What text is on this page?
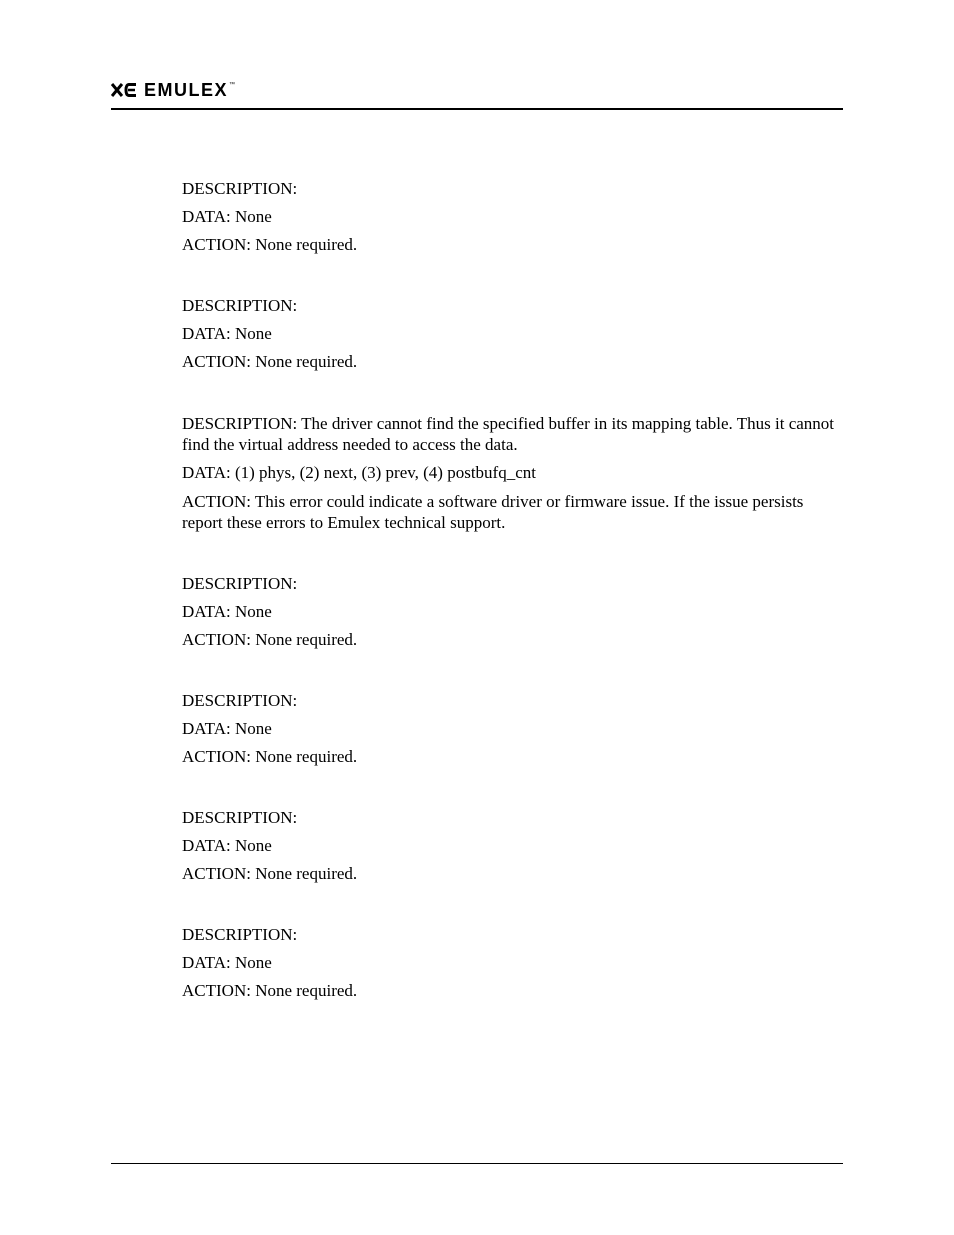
EMULEX ™
DESCRIPTION:
DATA: None
ACTION: None required.
DESCRIPTION:
DATA: None
ACTION: None required.
DESCRIPTION: The driver cannot find the specified buffer in its mapping table. Thus it cannot find the virtual address needed to access the data.
DATA: (1) phys, (2) next, (3) prev, (4) postbufq_cnt
ACTION: This error could indicate a software driver or firmware issue. If the issue persists report these errors to Emulex technical support.
DESCRIPTION:
DATA: None
ACTION: None required.
DESCRIPTION:
DATA: None
ACTION: None required.
DESCRIPTION:
DATA: None
ACTION: None required.
DESCRIPTION:
DATA: None
ACTION: None required.
